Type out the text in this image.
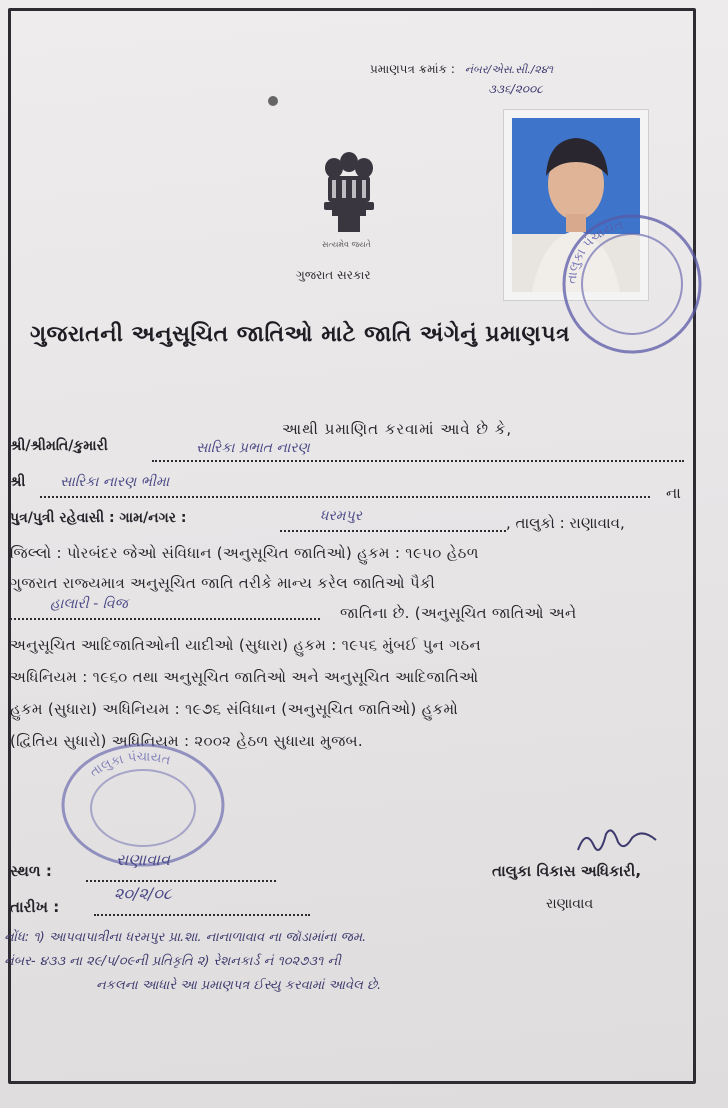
પ્રમાણપત્ર ક્રમાંક : નંબર/એસ.સી./૨૪૧
૩૩૬/૨૦૦૮
સત્યમેવ જયતે
ગુજરાત સરકાર	તાલુકા પંચાયત
ગુજરાતની અનુસૂચિત જાતિઓ માટે જાતિ અંગેનું પ્રમાણપત્ર
આથી પ્રમાણિત કરવામાં આવે છે કે,
શ્રી/શ્રીમતિ/કુમારી	સારિકા પ્રભાત નારણ
શ્રી સારિકા નારણ ભીમા
ના
પુત્ર/પુત્રી રહેવાસી : ગામ/નગર :	ધરમપુર	, તાલુકો : રાણાવાવ,
જિલ્લો : પોરબંદર જેઓ સંવિધાન (અનુસૂચિત જાતિઓ) હુકમ : ૧૯૫૦ હેઠળ
ગુજરાત રાજ્યમાત્ર અનુસૂચિત જાતિ તરીકે માન્ય કરેલ જાતિઓ પૈકી
હાલારી - વિજ	જાતિના છે. (અનુસૂચિત જાતિઓ અને
અનુસૂચિત આદિજાતિઓની યાદીઓ (સુધારા) હુકમ : ૧૯૫૬ મુંબઈ પુન ગઠન
અધિનિયમ : ૧૯૬૦ તથા અનુસૂચિત જાતિઓ અને અનુસૂચિત આદિજાતિઓ
હુકમ (સુધારા) અધિનિયમ : ૧૯૭૬ સંવિધાન (અનુસૂચિત જાતિઓ) હુકમો
(દ્વિતિય સુધારો) અધિનિયમ : ૨૦૦૨ હેઠળ સુધાયા મુજબ.
તાલુકા પંચાયત
સ્થળ :
રાણાવાવ
તારીખ :
૨૦/૨/૦૮
તાલુકા વિકાસ અધિકારી,
રાણાવાવ
નોંધ: ૧) આપવાપાત્રીના ધરમપુર પ્રા.શા. નાનાળાવાવ ના જૉડામાંના જમ.
નંબર- ૪૩૩ ના ૨૯/૫/૦૯ની પ્રતિકૃતિ ૨) રેશનકાર્ડ નં ૧૦૨૭૩૧ ની
નકલના આધારે આ પ્રમાણપત્ર ઈસ્યુ કરવામાં આવેલ છે.
